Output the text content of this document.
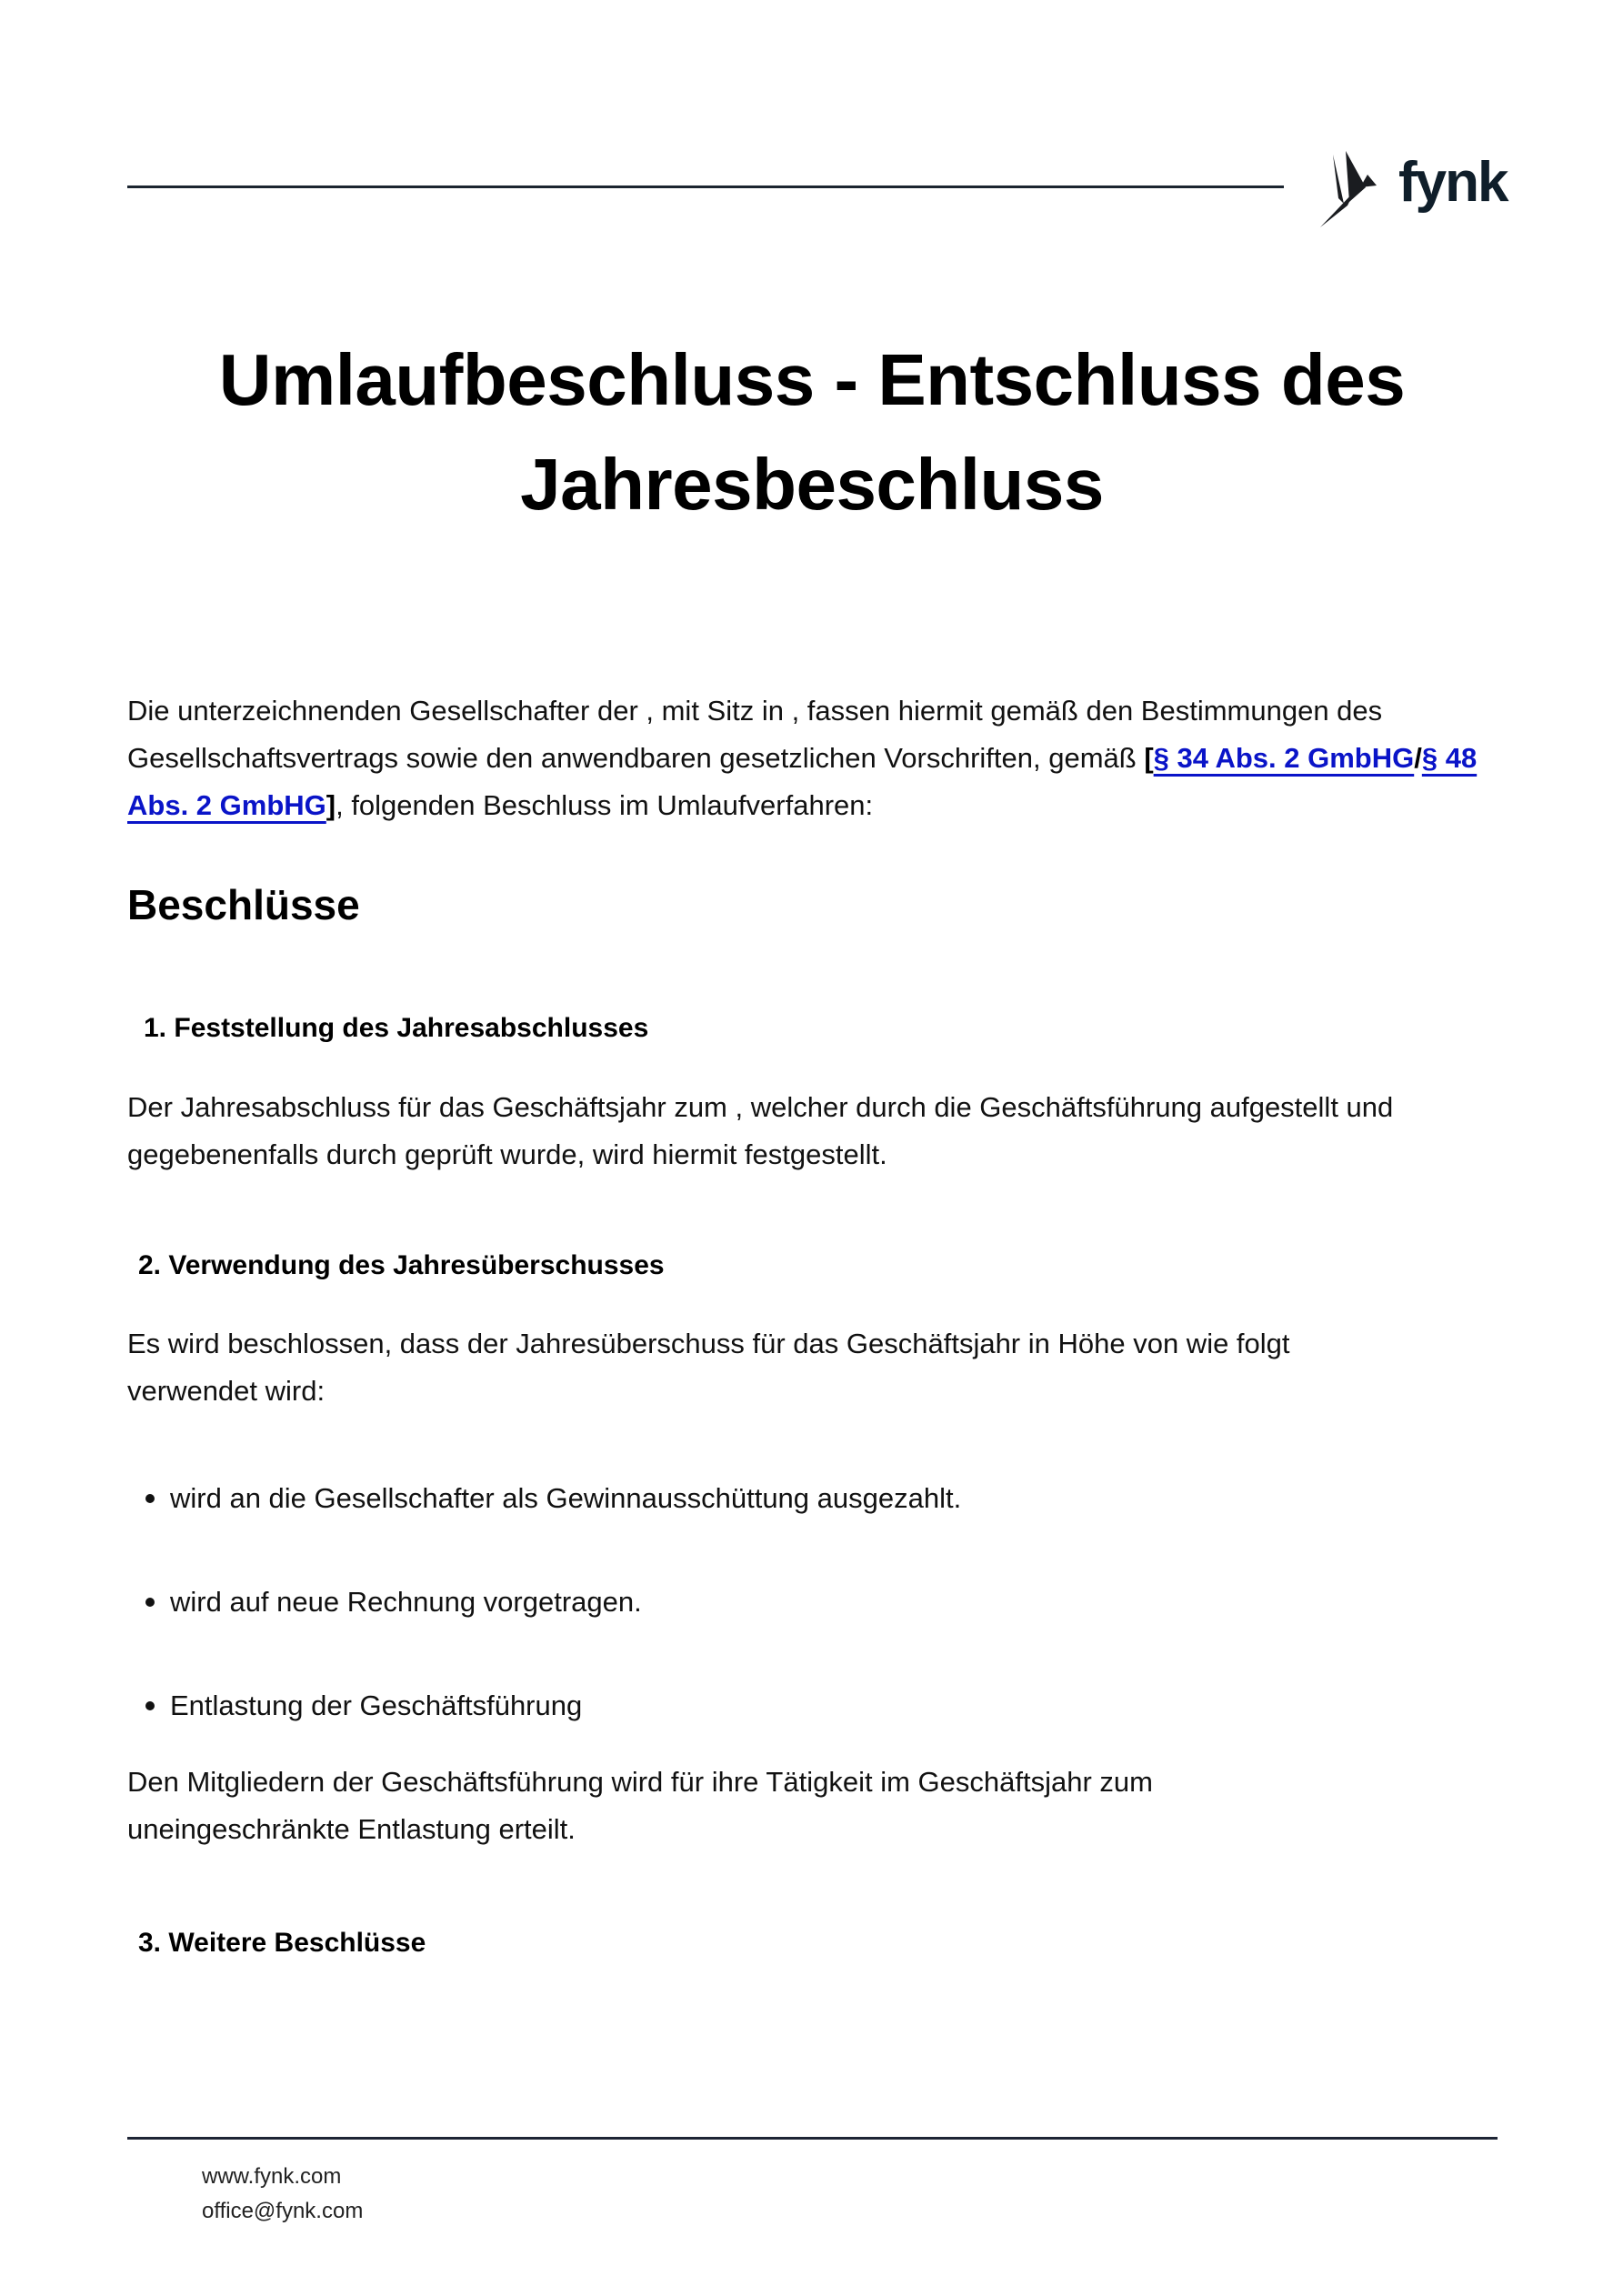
fynk
Umlaufbeschluss - Entschluss des
Jahresbeschluss

Die unterzeichnenden Gesellschafter der , mit Sitz in , fassen hiermit gemäß den Bestimmungen des Gesellschaftsvertrags sowie den anwendbaren gesetzlichen Vorschriften, gemäß [§ 34 Abs. 2 GmbHG/§ 48 Abs. 2 GmbHG], folgenden Beschluss im Umlaufverfahren:

Beschlüsse
1. Feststellung des Jahresabschlusses

Der Jahresabschluss für das Geschäftsjahr zum , welcher durch die Geschäftsführung aufgestellt und gegebenenfalls durch geprüft wurde, wird hiermit festgestellt.

2. Verwendung des Jahresüberschusses

Es wird beschlossen, dass der Jahresüberschuss für das Geschäftsjahr in Höhe von wie folgt verwendet wird:

wird an die Gesellschafter als Gewinnausschüttung ausgezahlt.
wird auf neue Rechnung vorgetragen.
Entlastung der Geschäftsführung

Den Mitgliedern der Geschäftsführung wird für ihre Tätigkeit im Geschäftsjahr zum uneingeschränkte Entlastung erteilt.

3. Weitere Beschlüsse
www.fynk.com
office@fynk.com
